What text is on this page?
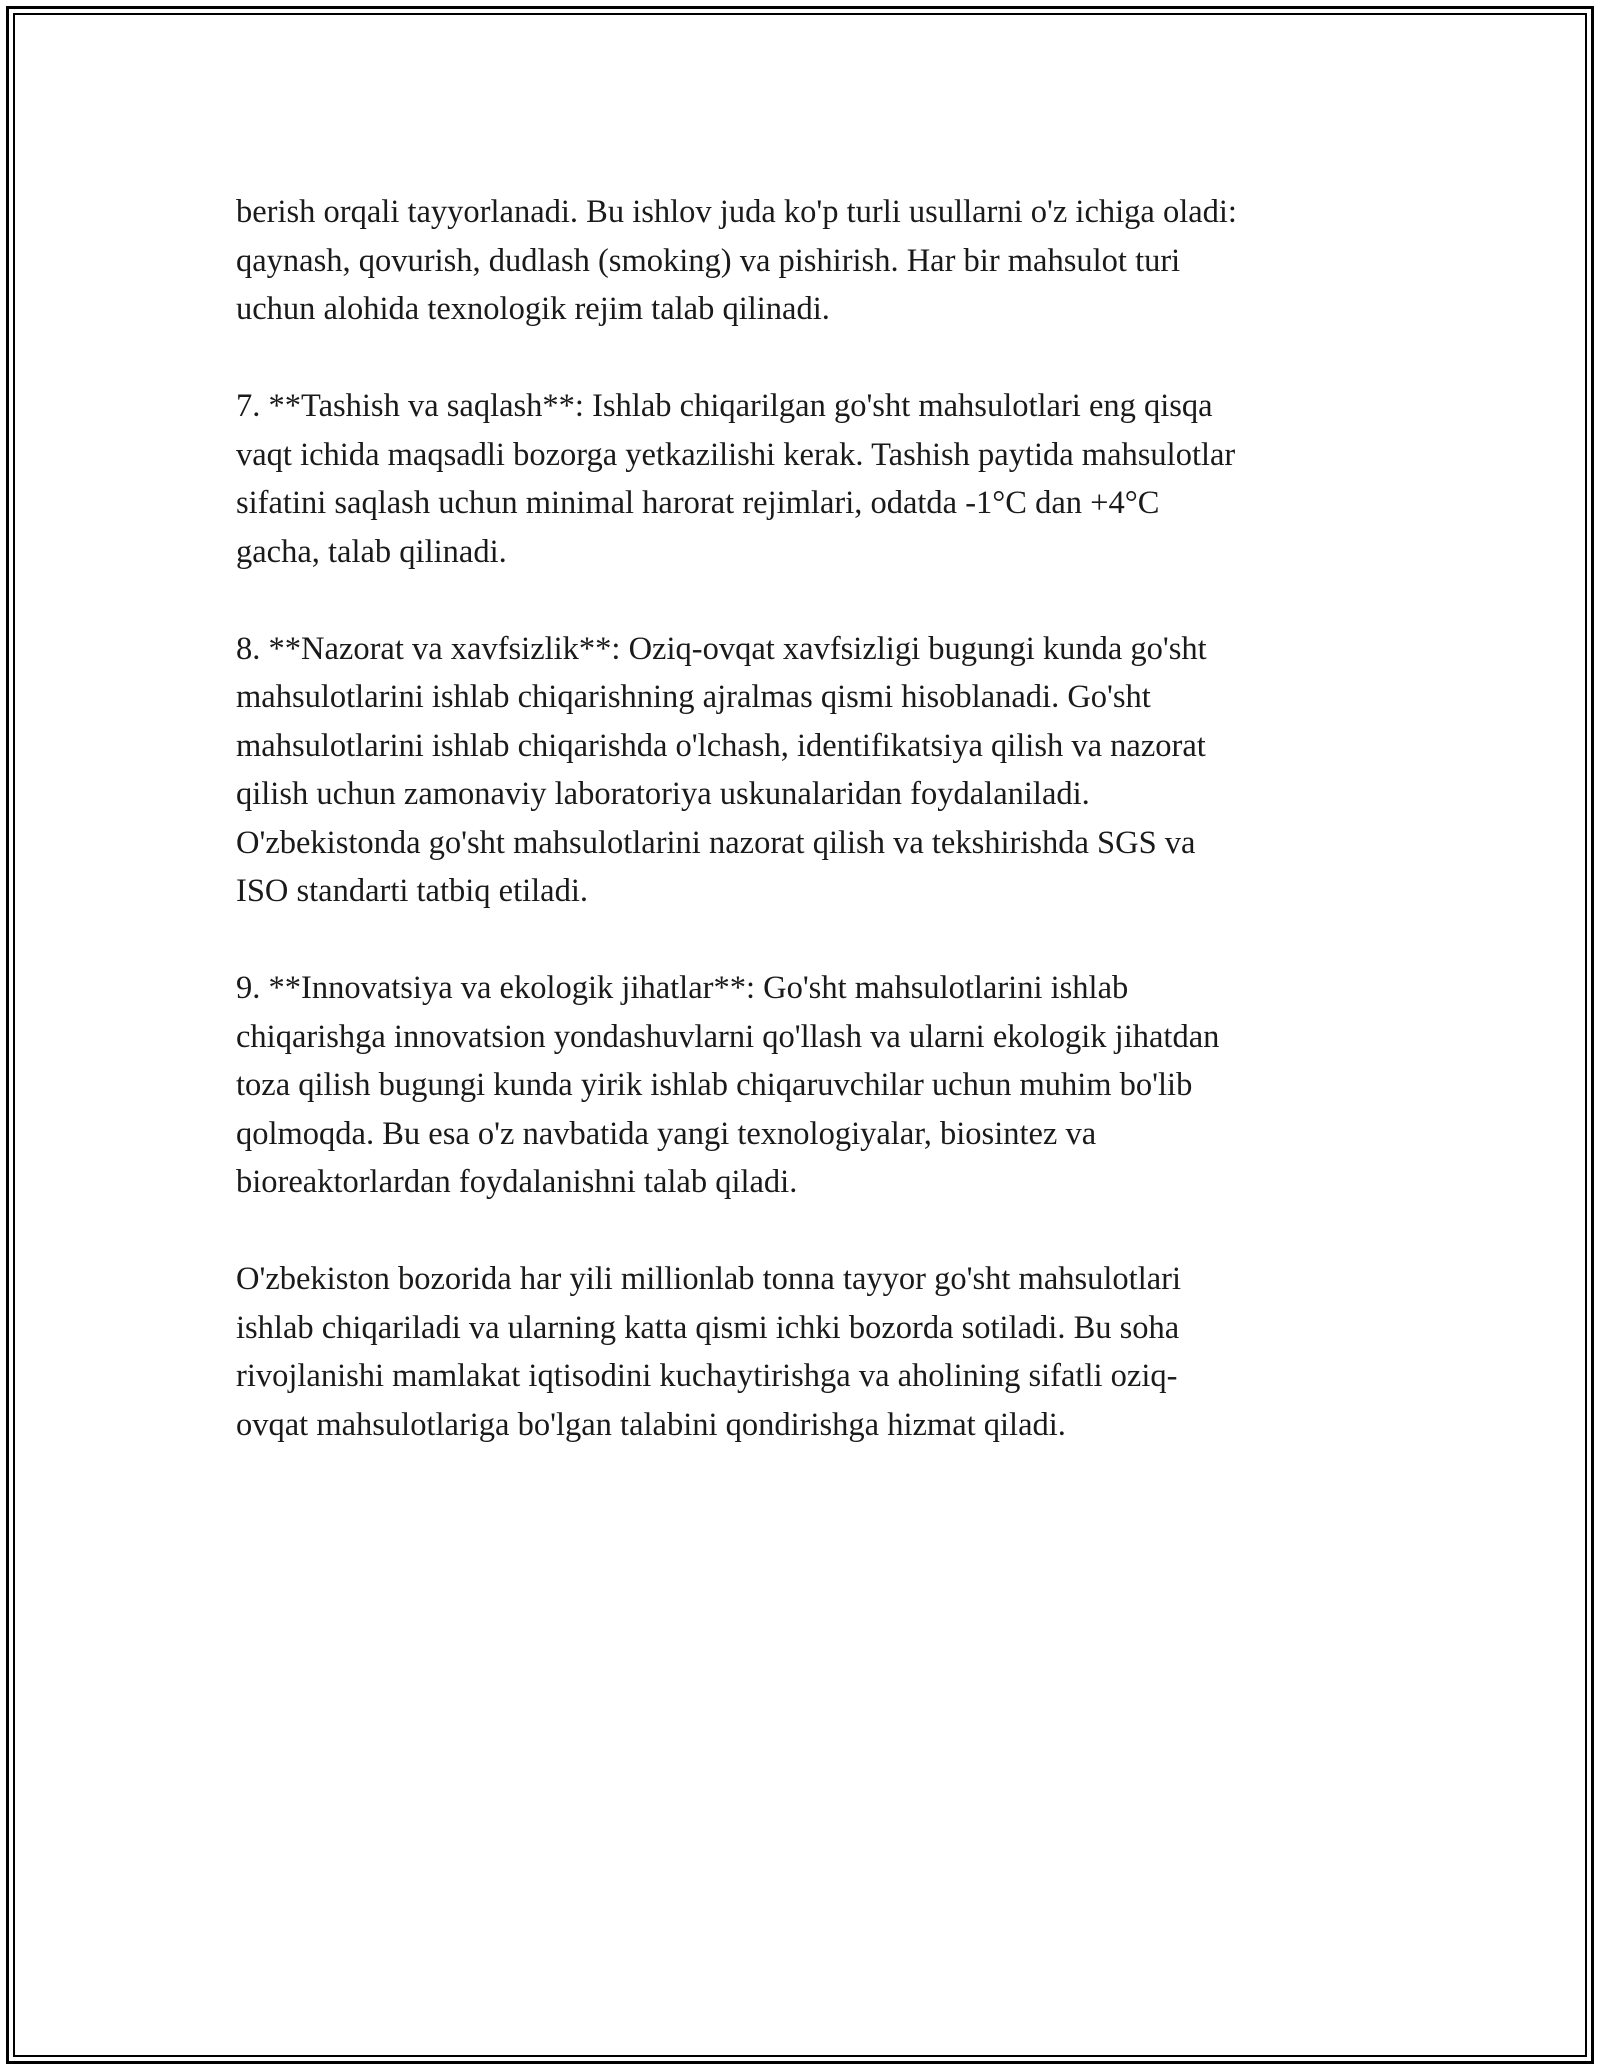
berish orqali tayyorlanadi. Bu ishlov juda ko'p turli usullarni o'z ichiga oladi:
qaynash, qovurish, dudlash (smoking) va pishirish. Har bir mahsulot turi
uchun alohida texnologik rejim talab qilinadi.

7. **Tashish va saqlash**: Ishlab chiqarilgan go'sht mahsulotlari eng qisqa
vaqt ichida maqsadli bozorga yetkazilishi kerak. Tashish paytida mahsulotlar
sifatini saqlash uchun minimal harorat rejimlari, odatda -1°C dan +4°C
gacha, talab qilinadi.

8. **Nazorat va xavfsizlik**: Oziq-ovqat xavfsizligi bugungi kunda go'sht
mahsulotlarini ishlab chiqarishning ajralmas qismi hisoblanadi. Go'sht
mahsulotlarini ishlab chiqarishda o'lchash, identifikatsiya qilish va nazorat
qilish uchun zamonaviy laboratoriya uskunalaridan foydalaniladi.
O'zbekistonda go'sht mahsulotlarini nazorat qilish va tekshirishda SGS va
ISO standarti tatbiq etiladi.

9. **Innovatsiya va ekologik jihatlar**: Go'sht mahsulotlarini ishlab
chiqarishga innovatsion yondashuvlarni qo'llash va ularni ekologik jihatdan
toza qilish bugungi kunda yirik ishlab chiqaruvchilar uchun muhim bo'lib
qolmoqda. Bu esa o'z navbatida yangi texnologiyalar, biosintez va
bioreaktorlardan foydalanishni talab qiladi.

O'zbekiston bozorida har yili millionlab tonna tayyor go'sht mahsulotlari
ishlab chiqariladi va ularning katta qismi ichki bozorda sotiladi. Bu soha
rivojlanishi mamlakat iqtisodini kuchaytirishga va aholining sifatli oziq-
ovqat mahsulotlariga bo'lgan talabini qondirishga hizmat qiladi.
